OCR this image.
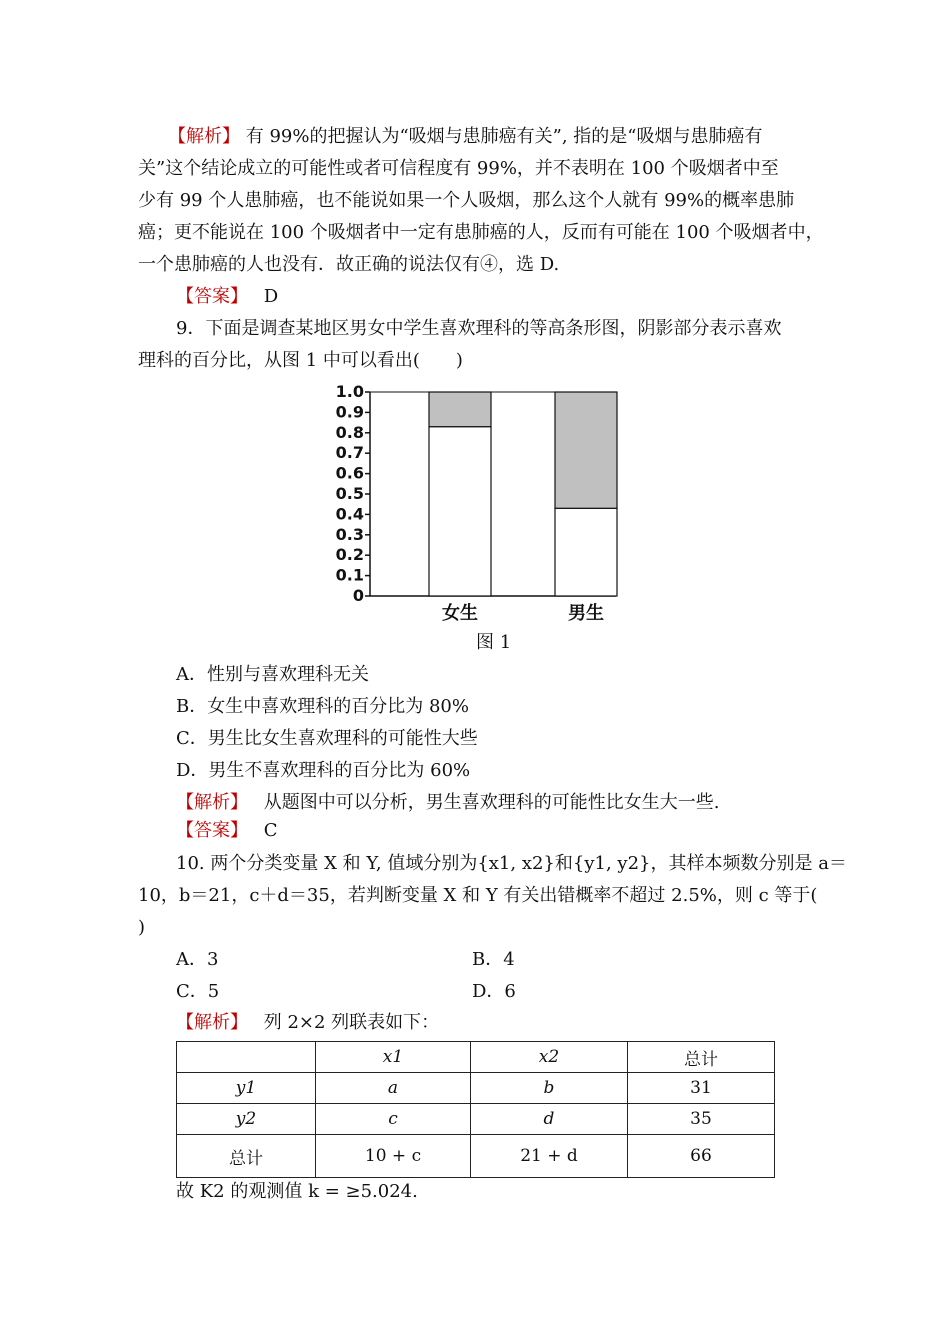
【解析】 有 99%的把握认为“吸烟与患肺癌有关”, 指的是“吸烟与患肺癌有
关”这个结论成立的可能性或者可信程度有 99%，并不表明在 100 个吸烟者中至
少有 99 个人患肺癌，也不能说如果一个人吸烟，那么这个人就有 99%的概率患肺
癌；更不能说在 100 个吸烟者中一定有患肺癌的人，反而有可能在 100 个吸烟者中，
一个患肺癌的人也没有．故正确的说法仅有④，选 D.
【答案】 D
9．下面是调查某地区男女中学生喜欢理科的等高条形图，阴影部分表示喜欢
理科的百分比，从图 1 中可以看出(　　)
0
0.1
0.2
0.3
0.4
0.5
0.6
0.7
0.8
0.9
1.0
女生	男生
图 1
A．性别与喜欢理科无关
B．女生中喜欢理科的百分比为 80%
C．男生比女生喜欢理科的可能性大些
D．男生不喜欢理科的百分比为 60%
【解析】 从题图中可以分析，男生喜欢理科的可能性比女生大一些.
【答案】 C
10. 两个分类变量 X 和 Y, 值域分别为{x1, x2}和{y1, y2}，其样本频数分别是 a＝
10，b＝21，c＋d＝35，若判断变量 X 和 Y 有关出错概率不超过 2.5%，则 c 等于(
)
A．3	B．4
C．5	D．6
【解析】 列 2×2 列联表如下：
	x1	x2	总计
y1	a	b	31
y2	c	d	35
总计	10 + c	21 + d	66
故 K2 的观测值 k = ≥5.024.
